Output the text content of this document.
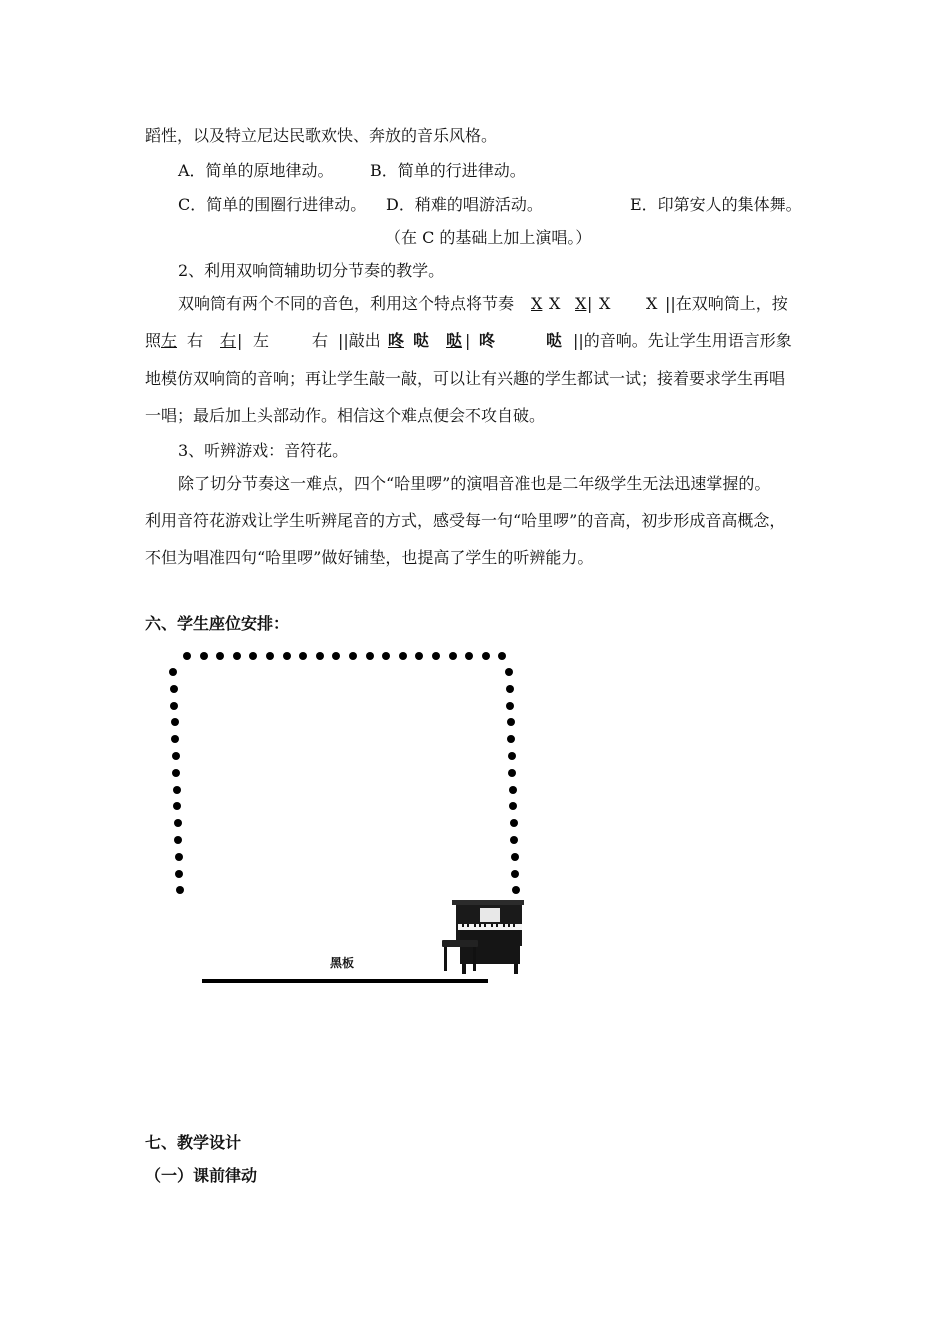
蹈性，以及特立尼达民歌欢快、奔放的音乐风格。
A．简单的原地律动。 B．简单的行进律动。
C．简单的围圈行进律动。 D．稍难的唱游活动。	E．印第安人的集体舞。
（在 C 的基础上加上演唱。）
2、利用双响筒辅助切分节奏的教学。
双响筒有两个不同的音色，利用这个特点将节奏 X X X | X X ||在双响筒上，按
照 左 右 右 | 左	右 ||敲出 咚 哒 哒 | 咚	哒 ||的音响。先让学生用语言形象
地模仿双响筒的音响；再让学生敲一敲，可以让有兴趣的学生都试一试；接着要求学生再唱
一唱；最后加上头部动作。相信这个难点便会不攻自破。
3、听辨游戏：音符花。
除了切分节奏这一难点，四个“哈里啰”的演唱音准也是二年级学生无法迅速掌握的。
利用音符花游戏让学生听辨尾音的方式，感受每一句“哈里啰”的音高，初步形成音高概念，
不但为唱准四句“哈里啰”做好铺垫，也提高了学生的听辨能力。
六、学生座位安排：
黑板
七、教学设计
（一）课前律动
